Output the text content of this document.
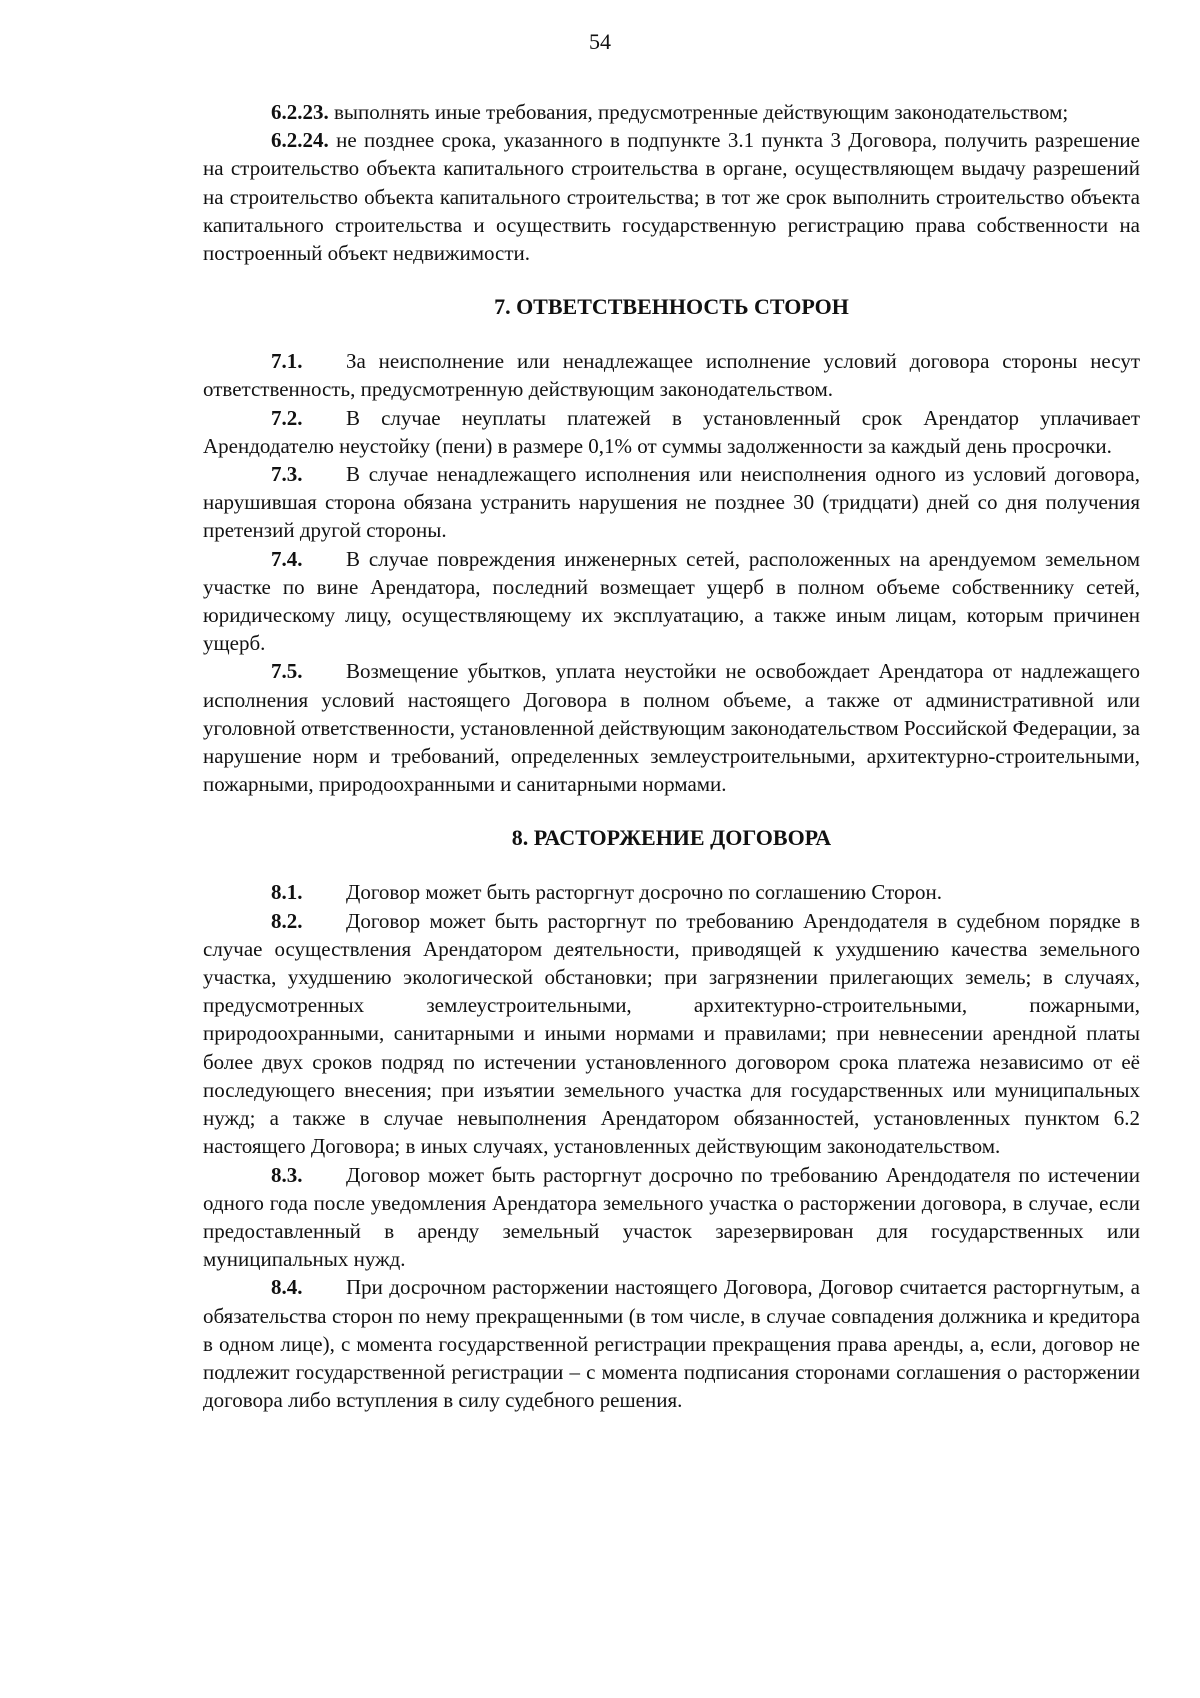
54

6.2.23. выполнять иные требования, предусмотренные действующим законодательством;

6.2.24. не позднее срока, указанного в подпункте 3.1 пункта 3 Договора, получить разрешение на строительство объекта капитального строительства в органе, осуществляющем выдачу разрешений на строительство объекта капитального строительства; в тот же срок выполнить строительство объекта капитального строительства и осуществить государственную регистрацию права собственности на построенный объект недвижимости.

7. ОТВЕТСТВЕННОСТЬ СТОРОН

7.1. За неисполнение или ненадлежащее исполнение условий договора стороны несут ответственность, предусмотренную действующим законодательством.

7.2. В случае неуплаты платежей в установленный срок Арендатор уплачивает Арендодателю неустойку (пени) в размере 0,1% от суммы задолженности за каждый день просрочки.

7.3. В случае ненадлежащего исполнения или неисполнения одного из условий договора, нарушившая сторона обязана устранить нарушения не позднее 30 (тридцати) дней со дня получения претензий другой стороны.

7.4. В случае повреждения инженерных сетей, расположенных на арендуемом земельном участке по вине Арендатора, последний возмещает ущерб в полном объеме собственнику сетей, юридическому лицу, осуществляющему их эксплуатацию, а также иным лицам, которым причинен ущерб.

7.5. Возмещение убытков, уплата неустойки не освобождает Арендатора от надлежащего исполнения условий настоящего Договора в полном объеме, а также от административной или уголовной ответственности, установленной действующим законодательством Российской Федерации, за нарушение норм и требований, определенных землеустроительными, архитектурно-строительными, пожарными, природоохранными и санитарными нормами.

8. РАСТОРЖЕНИЕ ДОГОВОРА

8.1. Договор может быть расторгнут досрочно по соглашению Сторон.

8.2. Договор может быть расторгнут по требованию Арендодателя в судебном порядке в случае осуществления Арендатором деятельности, приводящей к ухудшению качества земельного участка, ухудшению экологической обстановки; при загрязнении прилегающих земель; в случаях, предусмотренных землеустроительными, архитектурно-строительными, пожарными, природоохранными, санитарными и иными нормами и правилами; при невнесении арендной платы более двух сроков подряд по истечении установленного договором срока платежа независимо от её последующего внесения; при изъятии земельного участка для государственных или муниципальных нужд; а также в случае невыполнения Арендатором обязанностей, установленных пунктом 6.2 настоящего Договора; в иных случаях, установленных действующим законодательством.

8.3. Договор может быть расторгнут досрочно по требованию Арендодателя по истечении одного года после уведомления Арендатора земельного участка о расторжении договора, в случае, если предоставленный в аренду земельный участок зарезервирован для государственных или муниципальных нужд.

8.4. При досрочном расторжении настоящего Договора, Договор считается расторгнутым, а обязательства сторон по нему прекращенными (в том числе, в случае совпадения должника и кредитора в одном лице), с момента государственной регистрации прекращения права аренды, а, если, договор не подлежит государственной регистрации – с момента подписания сторонами соглашения о расторжении договора либо вступления в силу судебного решения.
